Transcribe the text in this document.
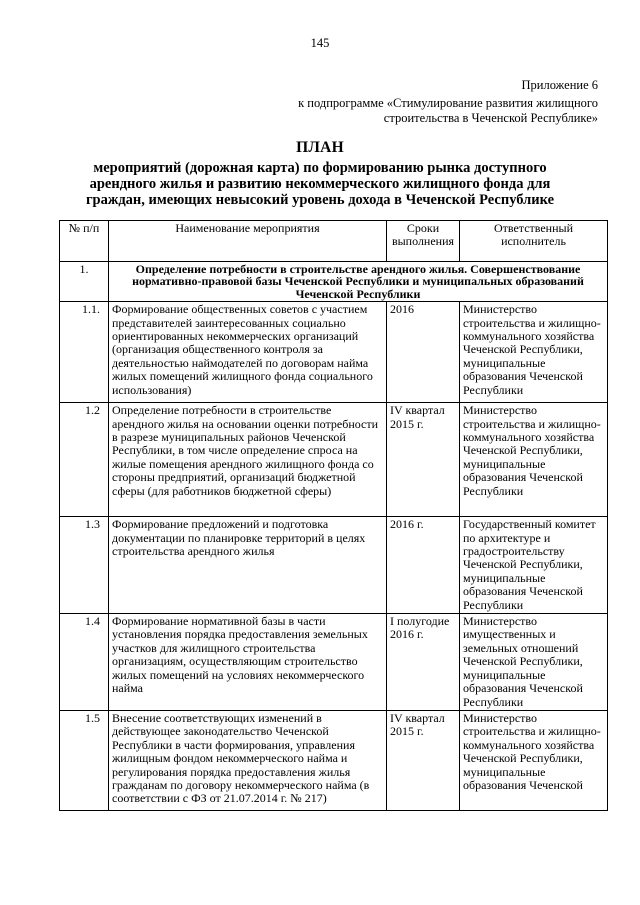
145
Приложение 6
к подпрограмме «Стимулирование развития жилищного
строительства в Чеченской Республике»
ПЛАН
мероприятий (дорожная карта) по формированию рынка доступного арендного жилья и развитию некоммерческого жилищного фонда для граждан, имеющих невысокий уровень дохода в Чеченской Республике
№ п/п	Наименование мероприятия	Сроки выполнения	Ответственный исполнитель
1.	Определение потребности в строительстве арендного жилья. Совершенствование нормативно-правовой базы Чеченской Республики и муниципальных образований Чеченской Республики		
1.1.	Формирование общественных советов с участием представителей заинтересованных социально ориентированных некоммерческих организаций (организация общественного контроля за деятельностью наймодателей по договорам найма жилых помещений жилищного фонда социального использования)	2016	Министерство строительства и жилищно-коммунального хозяйства Чеченской Республики, муниципальные образования Чеченской Республики
1.2	Определение потребности в строительстве арендного жилья на основании оценки потребности в разрезе муниципальных районов Чеченской Республики, в том числе определение спроса на жилые помещения арендного жилищного фонда со стороны предприятий, организаций бюджетной сферы (для работников бюджетной сферы)	IV квартал 2015 г.	Министерство строительства и жилищно-коммунального хозяйства Чеченской Республики, муниципальные образования Чеченской Республики
1.3	Формирование предложений и подготовка документации по планировке территорий в целях строительства арендного жилья	2016 г.	Государственный комитет по архитектуре и градостроительству Чеченской Республики, муниципальные образования Чеченской Республики
1.4	Формирование нормативной базы в части установления порядка предоставления земельных участков для жилищного строительства организациям, осуществляющим строительство жилых помещений на условиях некоммерческого найма	I полугодие 2016 г.	Министерство имущественных и земельных отношений Чеченской Республики, муниципальные образования Чеченской Республики
1.5	Внесение соответствующих изменений в действующее законодательство Чеченской Республики в части формирования, управления жилищным фондом некоммерческого найма и регулирования порядка предоставления жилья гражданам по договору некоммерческого найма (в соответствии с ФЗ от 21.07.2014 г. № 217)	IV квартал 2015 г.	Министерство строительства и жилищно-коммунального хозяйства Чеченской Республики, муниципальные образования Чеченской
